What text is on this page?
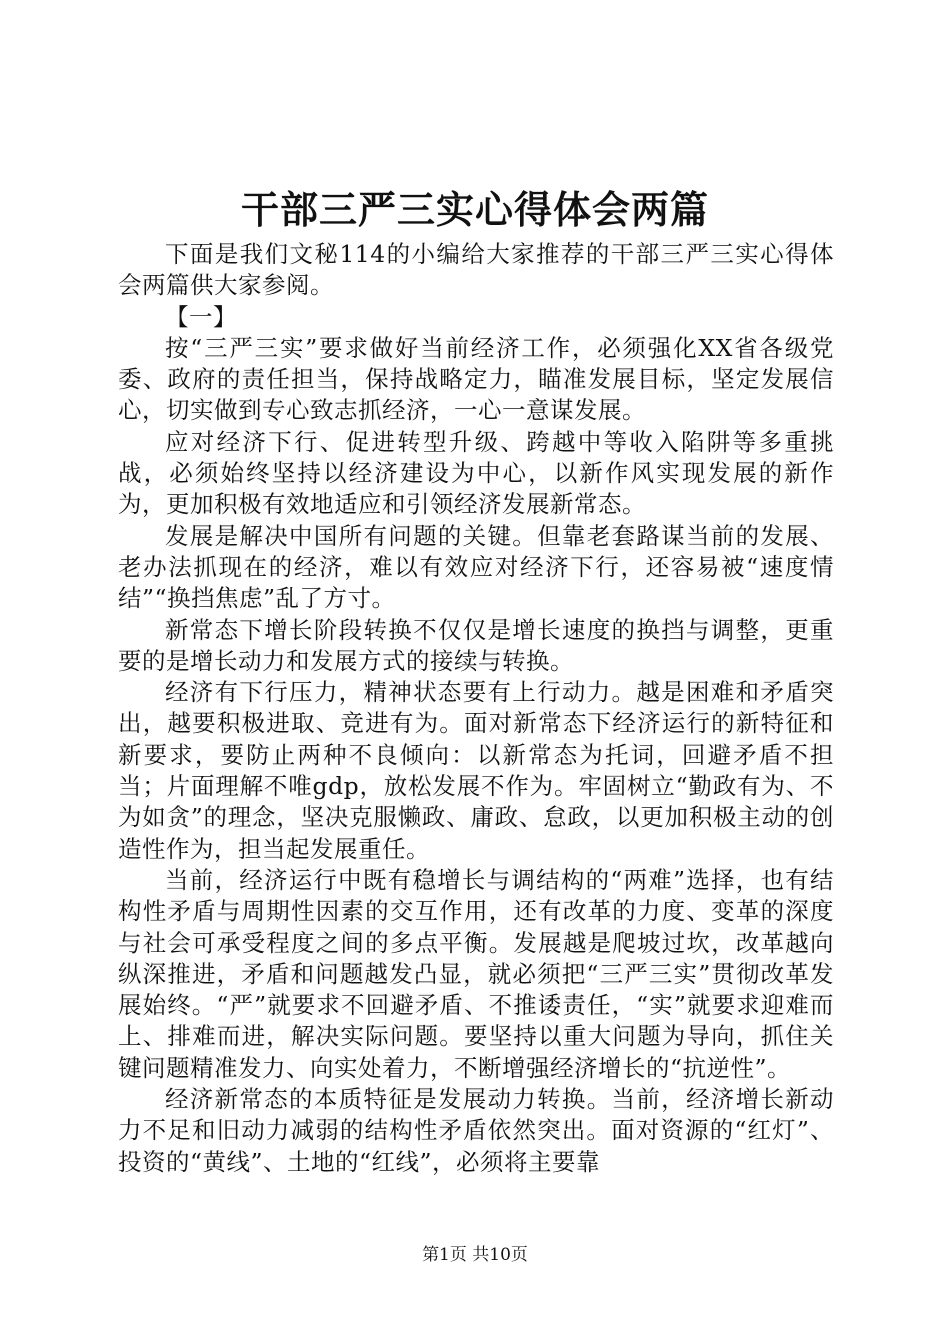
干部三严三实心得体会两篇

下面是我们文秘114的小编给大家推荐的干部三严三实心得体会两篇供大家参阅。

【一】

按“三严三实”要求做好当前经济工作，必须强化XX省各级党委、政府的责任担当，保持战略定力，瞄准发展目标，坚定发展信心，切实做到专心致志抓经济，一心一意谋发展。

应对经济下行、促进转型升级、跨越中等收入陷阱等多重挑战，必须始终坚持以经济建设为中心，以新作风实现发展的新作为，更加积极有效地适应和引领经济发展新常态。

发展是解决中国所有问题的关键。但靠老套路谋当前的发展、老办法抓现在的经济，难以有效应对经济下行，还容易被“速度情结”“换挡焦虑”乱了方寸。

新常态下增长阶段转换不仅仅是增长速度的换挡与调整，更重要的是增长动力和发展方式的接续与转换。

经济有下行压力，精神状态要有上行动力。越是困难和矛盾突出，越要积极进取、竞进有为。面对新常态下经济运行的新特征和新要求，要防止两种不良倾向：以新常态为托词，回避矛盾不担当；片面理解不唯gdp，放松发展不作为。牢固树立“勤政有为、不为如贪”的理念，坚决克服懒政、庸政、怠政，以更加积极主动的创造性作为，担当起发展重任。

当前，经济运行中既有稳增长与调结构的“两难”选择，也有结构性矛盾与周期性因素的交互作用，还有改革的力度、变革的深度与社会可承受程度之间的多点平衡。发展越是爬坡过坎，改革越向纵深推进，矛盾和问题越发凸显，就必须把“三严三实”贯彻改革发展始终。“严”就要求不回避矛盾、不推诿责任，“实”就要求迎难而上、排难而进，解决实际问题。要坚持以重大问题为导向，抓住关键问题精准发力、向实处着力，不断增强经济增长的“抗逆性”。

经济新常态的本质特征是发展动力转换。当前，经济增长新动力不足和旧动力减弱的结构性矛盾依然突出。面对资源的“红灯”、投资的“黄线”、土地的“红线”，必须将主要靠

第1页 共10页
